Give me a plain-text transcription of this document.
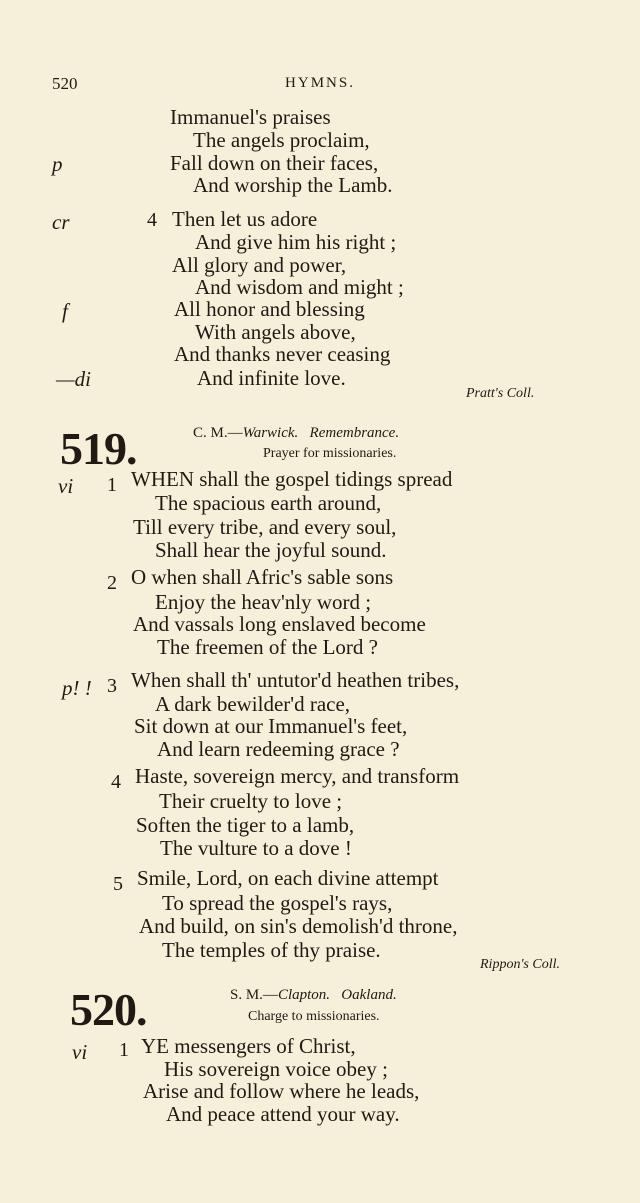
520	HYMNS.
Immanuel's praises
The angels proclaim,
p	Fall down on their faces,
And worship the Lamb.
cr	4 Then let us adore
And give him his right ;
All glory and power,
And wisdom and might ;
f	All honor and blessing
With angels above,
And thanks never ceasing
—di	And infinite love.
Pratt's Coll.
519.	C. M.—Warwick. Remembrance.
Prayer for missionaries.
vi 1 WHEN shall the gospel tidings spread
The spacious earth around,
Till every tribe, and every soul,
Shall hear the joyful sound.
2 O when shall Afric's sable sons
Enjoy the heav'nly word ;
And vassals long enslaved become
The freemen of the Lord ?
p! ! 3 When shall th' untutor'd heathen tribes,
A dark bewilder'd race,
Sit down at our Immanuel's feet,
And learn redeeming grace ?
4 Haste, sovereign mercy, and transform
Their cruelty to love ;
Soften the tiger to a lamb,
The vulture to a dove !
5 Smile, Lord, on each divine attempt
To spread the gospel's rays,
And build, on sin's demolish'd throne,
The temples of thy praise.
Rippon's Coll.
520.	S. M.—Clapton. Oakland.
Charge to missionaries.
vi 1 YE messengers of Christ,
His sovereign voice obey ;
Arise and follow where he leads,
And peace attend your way.
